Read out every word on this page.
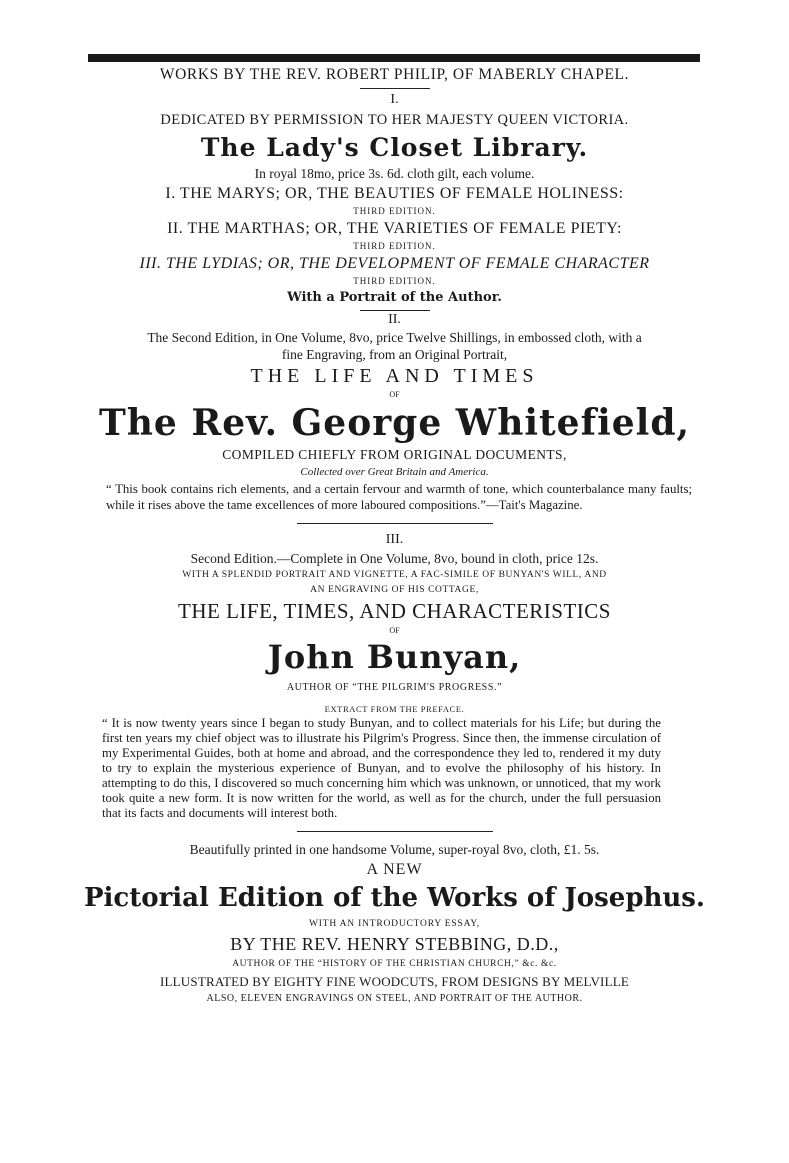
WORKS BY THE REV. ROBERT PHILIP, OF MABERLY CHAPEL.
I.
DEDICATED BY PERMISSION TO HER MAJESTY QUEEN VICTORIA.
The Lady's Closet Library.
In royal 18mo, price 3s. 6d. cloth gilt, each volume.
I. THE MARYS; OR, THE BEAUTIES OF FEMALE HOLINESS:
THIRD EDITION.
II. THE MARTHAS; OR, THE VARIETIES OF FEMALE PIETY:
THIRD EDITION.
III. THE LYDIAS; OR, THE DEVELOPMENT OF FEMALE CHARACTER
THIRD EDITION.
With a Portrait of the Author.
II.
The Second Edition, in One Volume, 8vo, price Twelve Shillings, in embossed cloth, with a
fine Engraving, from an Original Portrait,
THE LIFE AND TIMES
OF
The Rev. George Whitefield,
COMPILED CHIEFLY FROM ORIGINAL DOCUMENTS,
Collected over Great Britain and America.
“ This book contains rich elements, and a certain fervour and warmth of tone, which counterbalance many faults; while it rises above the tame excellences of more laboured compositions.”—Tait's Magazine.
III.
Second Edition.—Complete in One Volume, 8vo, bound in cloth, price 12s.
WITH A SPLENDID PORTRAIT AND VIGNETTE, A FAC-SIMILE OF BUNYAN'S WILL, AND
AN ENGRAVING OF HIS COTTAGE,
THE LIFE, TIMES, AND CHARACTERISTICS
OF
John Bunyan,
AUTHOR OF “THE PILGRIM'S PROGRESS.”
EXTRACT FROM THE PREFACE.
“ It is now twenty years since I began to study Bunyan, and to collect materials for his Life; but during the first ten years my chief object was to illustrate his Pilgrim's Progress. Since then, the immense circulation of my Experimental Guides, both at home and abroad, and the correspondence they led to, rendered it my duty to try to explain the mysterious experience of Bunyan, and to evolve the philosophy of his history. In attempting to do this, I discovered so much concerning him which was unknown, or unnoticed, that my work took quite a new form. It is now written for the world, as well as for the church, under the full persuasion that its facts and documents will interest both.
Beautifully printed in one handsome Volume, super-royal 8vo, cloth, £1. 5s.
A NEW
Pictorial Edition of the Works of Josephus.
WITH AN INTRODUCTORY ESSAY,
BY THE REV. HENRY STEBBING, D.D.,
AUTHOR OF THE “HISTORY OF THE CHRISTIAN CHURCH,” &c. &c.
ILLUSTRATED BY EIGHTY FINE WOODCUTS, FROM DESIGNS BY MELVILLE
ALSO, ELEVEN ENGRAVINGS ON STEEL, AND PORTRAIT OF THE AUTHOR.
